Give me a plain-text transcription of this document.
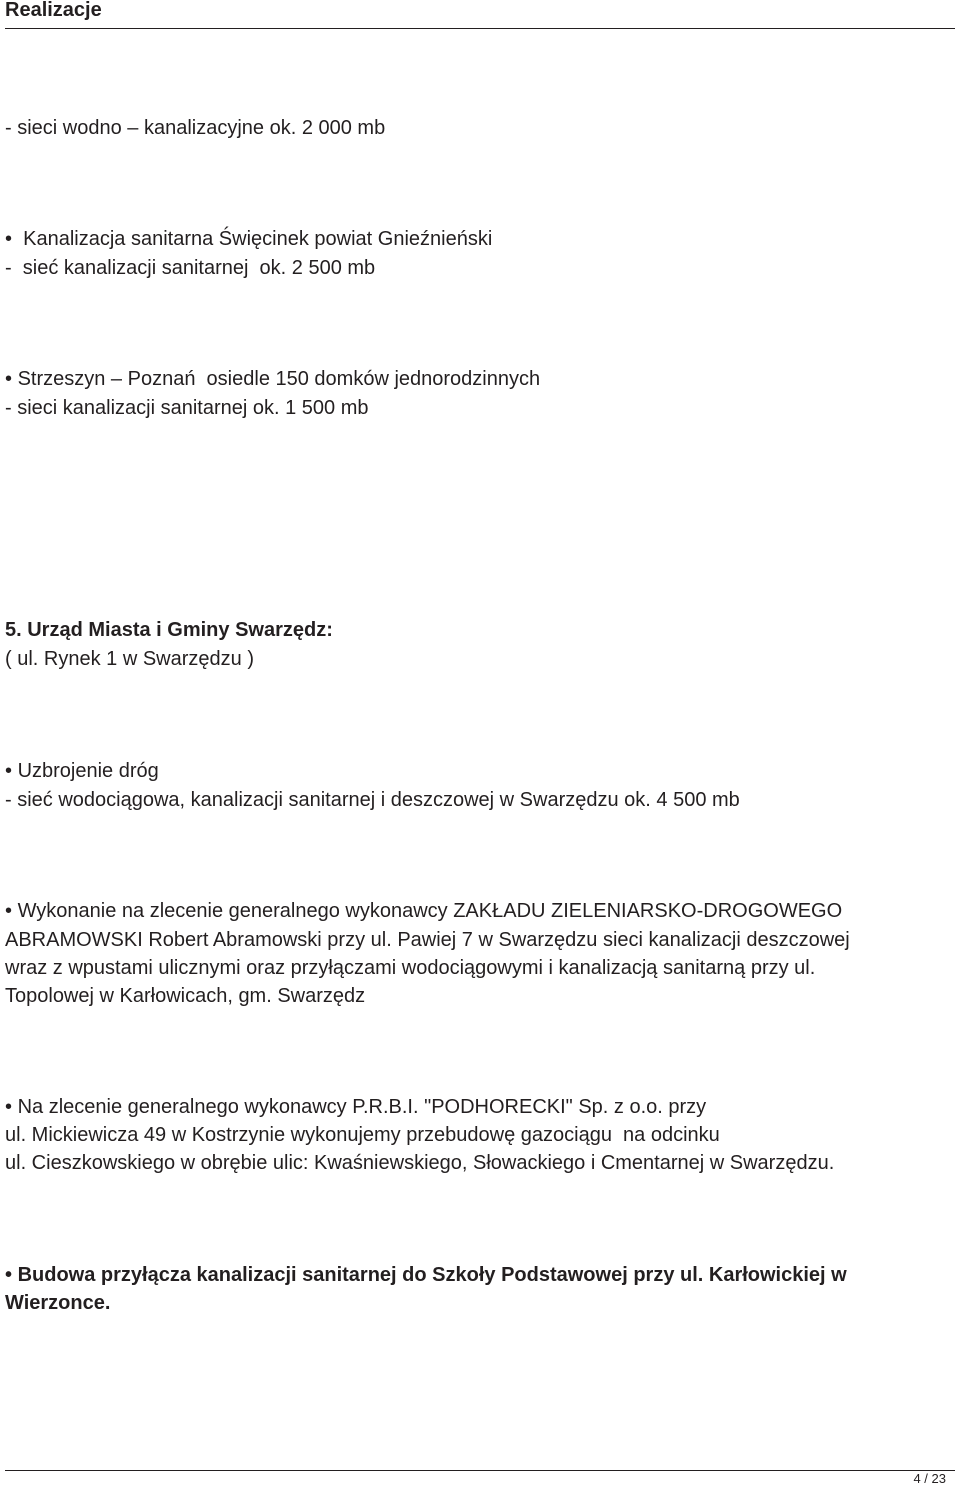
Realizacje

- sieci wodno – kanalizacyjne ok. 2 000 mb

•  Kanalizacja sanitarna Święcinek powiat Gnieźnieński

-  sieć kanalizacji sanitarnej  ok. 2 500 mb

• Strzeszyn – Poznań  osiedle 150 domków jednorodzinnych

- sieci kanalizacji sanitarnej ok. 1 500 mb

5. Urząd Miasta i Gminy Swarzędz:

( ul. Rynek 1 w Swarzędzu )

• Uzbrojenie dróg

- sieć wodociągowa, kanalizacji sanitarnej i deszczowej w Swarzędzu ok. 4 500 mb

• Wykonanie na zlecenie generalnego wykonawcy ZAKŁADU ZIELENIARSKO-DROGOWEGO

ABRAMOWSKI Robert Abramowski przy ul. Pawiej 7 w Swarzędzu sieci kanalizacji deszczowej

wraz z wpustami ulicznymi oraz przyłączami wodociągowymi i kanalizacją sanitarną przy ul.

Topolowej w Karłowicach, gm. Swarzędz

• Na zlecenie generalnego wykonawcy P.R.B.I. "PODHORECKI" Sp. z o.o. przy

ul. Mickiewicza 49 w Kostrzynie wykonujemy przebudowę gazociągu  na odcinku

ul. Cieszkowskiego w obrębie ulic: Kwaśniewskiego, Słowackiego i Cmentarnej w Swarzędzu.

• Budowa przyłącza kanalizacji sanitarnej do Szkoły Podstawowej przy ul. Karłowickiej w

Wierzonce.

4 / 23
